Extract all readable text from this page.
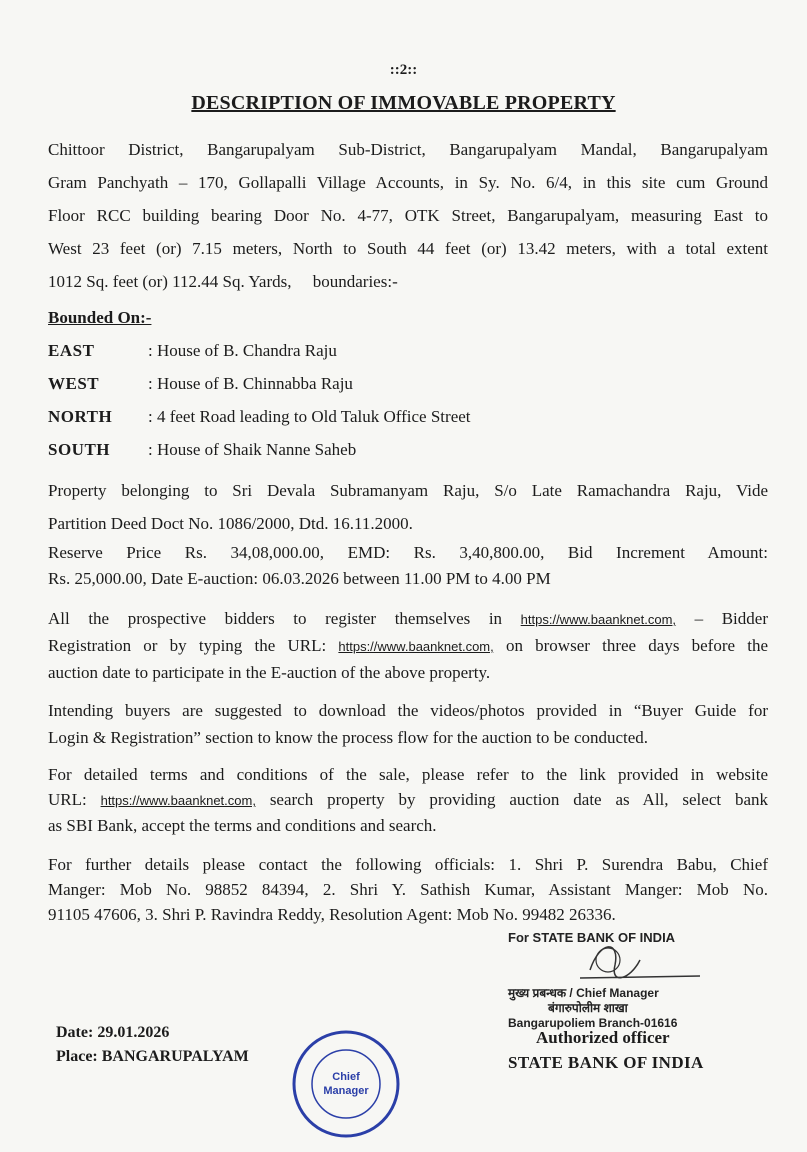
::2::
DESCRIPTION OF IMMOVABLE PROPERTY
Chittoor District, Bangarupalyam Sub-District, Bangarupalyam Mandal, Bangarupalyam
Gram Panchyath – 170, Gollapalli Village Accounts, in Sy. No. 6/4, in this site cum Ground
Floor RCC building bearing Door No. 4-77, OTK Street, Bangarupalyam, measuring East to
West 23 feet (or) 7.15 meters, North to South 44 feet (or) 13.42 meters, with a total extent
1012 Sq. feet (or) 112.44 Sq. Yards,     boundaries:-
Bounded On:-
EAST	: House of B. Chandra Raju
WEST	: House of B. Chinnabba Raju
NORTH : 4 feet Road leading to Old Taluk Office Street
SOUTH : House of Shaik Nanne Saheb
Property belonging to Sri Devala Subramanyam Raju, S/o Late Ramachandra Raju, Vide
Partition Deed Doct No. 1086/2000, Dtd. 16.11.2000.
Reserve Price Rs. 34,08,000.00, EMD: Rs. 3,40,800.00, Bid Increment Amount:
Rs. 25,000.00, Date E-auction: 06.03.2026 between 11.00 PM to 4.00 PM
All the prospective bidders to register themselves in https://www.baanknet.com, – Bidder
Registration or by typing the URL: https://www.baanknet.com, on browser three days before the
auction date to participate in the E-auction of the above property.
Intending buyers are suggested to download the videos/photos provided in “Buyer Guide for
Login & Registration” section to know the process flow for the auction to be conducted.
For detailed terms and conditions of the sale, please refer to the link provided in website
URL: https://www.baanknet.com, search property by providing auction date as All, select bank
as SBI Bank, accept the terms and conditions and search.
For further details please contact the following officials: 1. Shri P. Surendra Babu, Chief
Manger: Mob No. 98852 84394, 2. Shri Y. Sathish Kumar, Assistant Manger: Mob No.
91105 47606, 3. Shri P. Ravindra Reddy, Resolution Agent: Mob No. 99482 26336.
For STATE BANK OF INDIA
मुख्य प्रबन्धक / Chief Manager
बंगारुपोलीम शाखा
Bangarupoliem Branch-01616
Authorized officer
STATE BANK OF INDIA
Date: 29.01.2026
Place: BANGARUPALYAM
Chief
Manager
